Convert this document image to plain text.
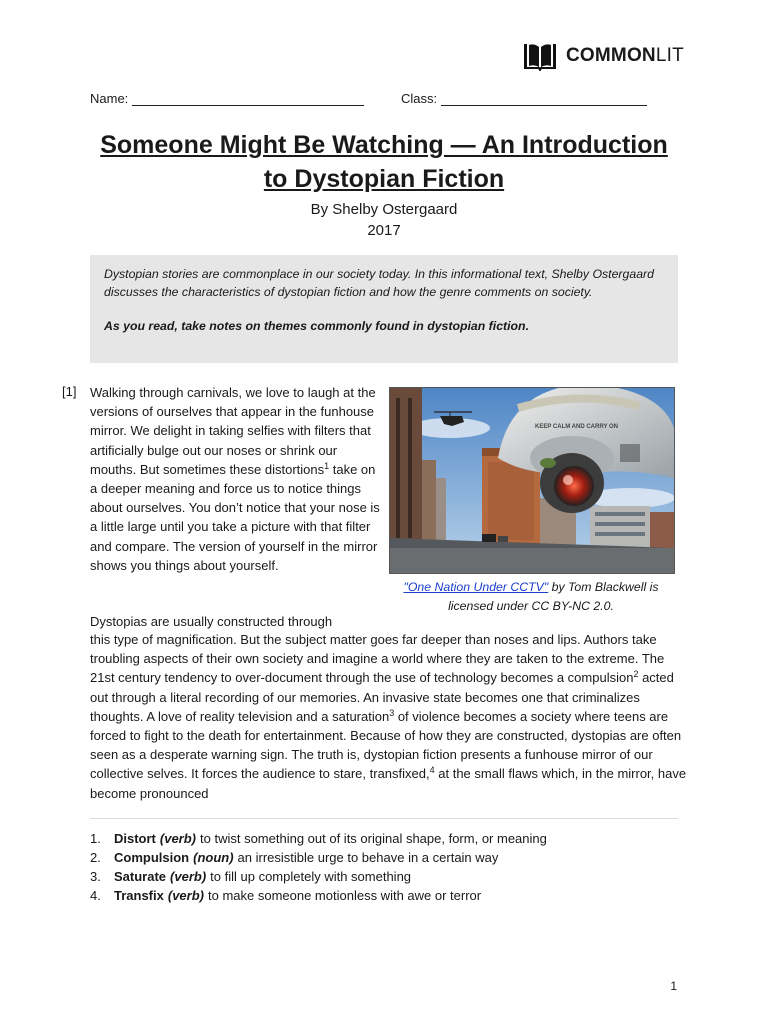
COMMONLIT
Name:	Class:
Someone Might Be Watching — An Introduction
to Dystopian Fiction
By Shelby Ostergaard
2017

Dystopian stories are commonplace in our society today. In this informational text, Shelby Ostergaard discusses the characteristics of dystopian fiction and how the genre comments on society.

As you read, take notes on themes commonly found in dystopian fiction.

[1] Walking through carnivals, we love to laugh at the versions of ourselves that appear in the funhouse mirror. We delight in taking selfies with filters that artificially bulge out our noses or shrink our mouths. But sometimes these distortions$^1$ take on a deeper meaning and force us to notice things about ourselves. You don’t notice that your nose is a little large until you take a picture with that filter and compare. The version of yourself in the mirror shows you things about yourself.

KEEP CALM AND CARRY ON
"One Nation Under CCTV" by Tom Blackwell is
licensed under CC BY-NC 2.0.

Dystopias are usually constructed through

this type of magnification. But the subject matter goes far deeper than noses and lips. Authors take troubling aspects of their own society and imagine a world where they are taken to the extreme. The 21st century tendency to over-document through the use of technology becomes a compulsion$^2$ acted out through a literal recording of our memories. An invasive state becomes one that criminalizes thoughts. A love of reality television and a saturation$^3$ of violence becomes a society where teens are forced to fight to the death for entertainment. Because of how they are constructed, dystopias are often seen as a desperate warning sign. The truth is, dystopian fiction presents a funhouse mirror of our collective selves. It forces the audience to stare, transfixed,$^4$ at the small flaws which, in the mirror, have become pronounced

1.	Distort (verb) to twist something out of its original shape, form, or meaning
2.	Compulsion (noun) an irresistible urge to behave in a certain way
3.	Saturate (verb) to fill up completely with something
4.	Transfix (verb) to make someone motionless with awe or terror
1
